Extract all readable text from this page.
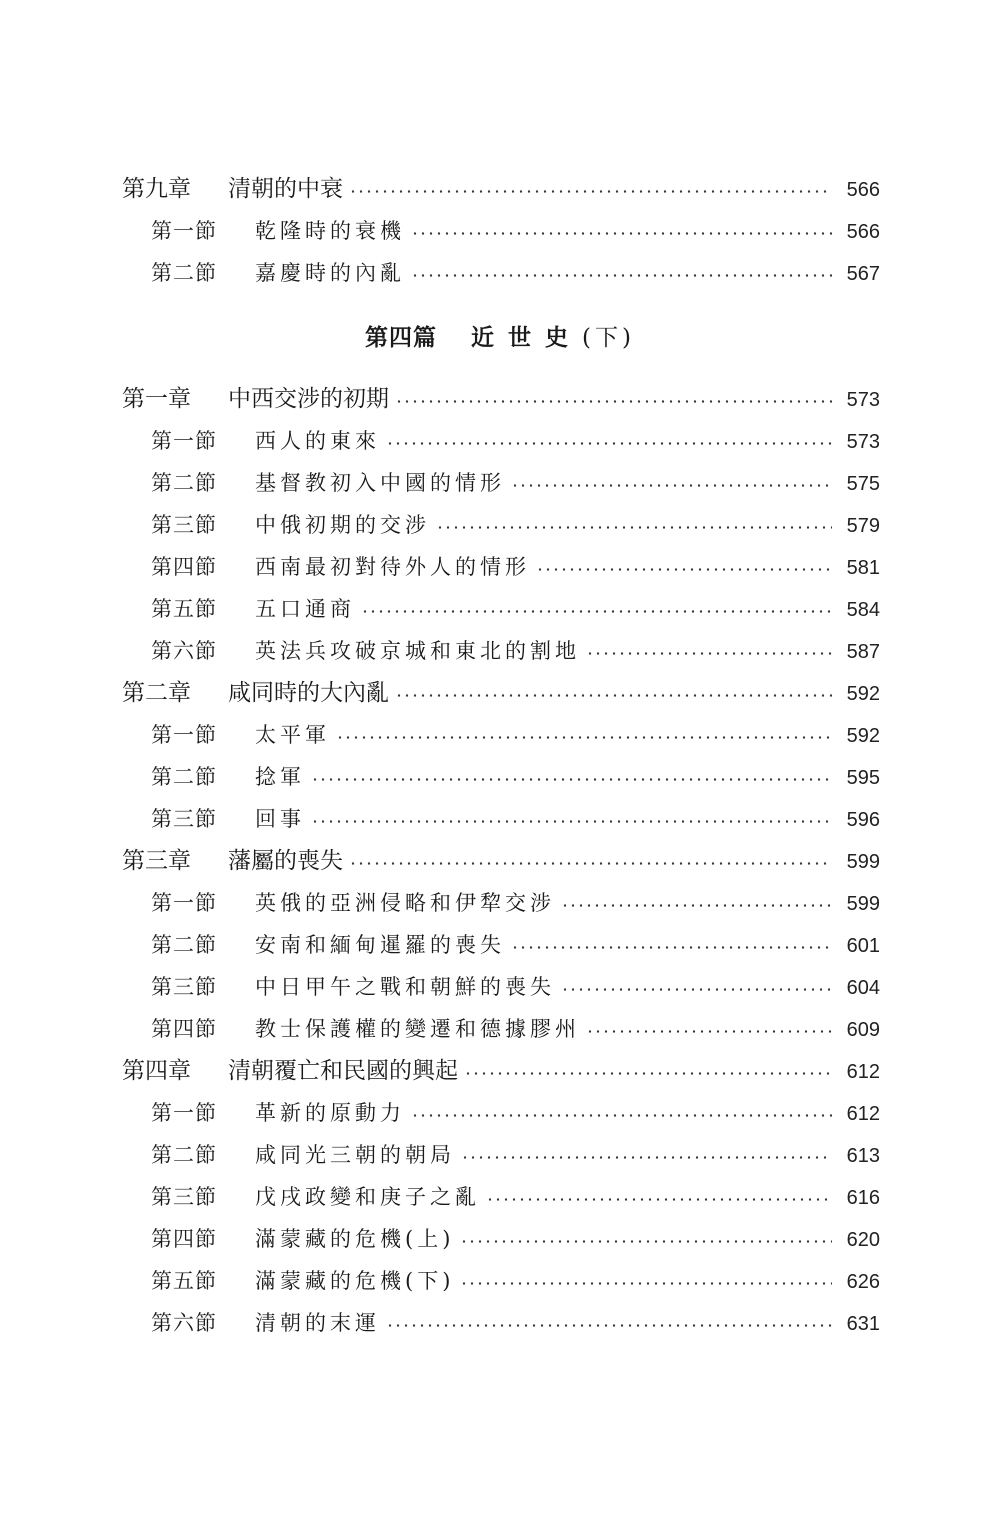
第九章	清朝的中衰	566
第一節	乾隆時的衰機	566
第二節	嘉慶時的內亂	567
第四篇 近世史(下)
第一章	中西交涉的初期	573
第一節	西人的東來	573
第二節	基督教初入中國的情形	575
第三節	中俄初期的交涉	579
第四節	西南最初對待外人的情形	581
第五節	五口通商	584
第六節	英法兵攻破京城和東北的割地	587
第二章	咸同時的大內亂	592
第一節	太平軍	592
第二節	捻軍	595
第三節	回事	596
第三章	藩屬的喪失	599
第一節	英俄的亞洲侵略和伊犂交涉	599
第二節	安南和緬甸暹羅的喪失	601
第三節	中日甲午之戰和朝鮮的喪失	604
第四節	教士保護權的變遷和德據膠州	609
第四章	清朝覆亡和民國的興起	612
第一節	革新的原動力	612
第二節	咸同光三朝的朝局	613
第三節	戊戌政變和庚子之亂	616
第四節	滿蒙藏的危機(上)	620
第五節	滿蒙藏的危機(下)	626
第六節	清朝的末運	631
